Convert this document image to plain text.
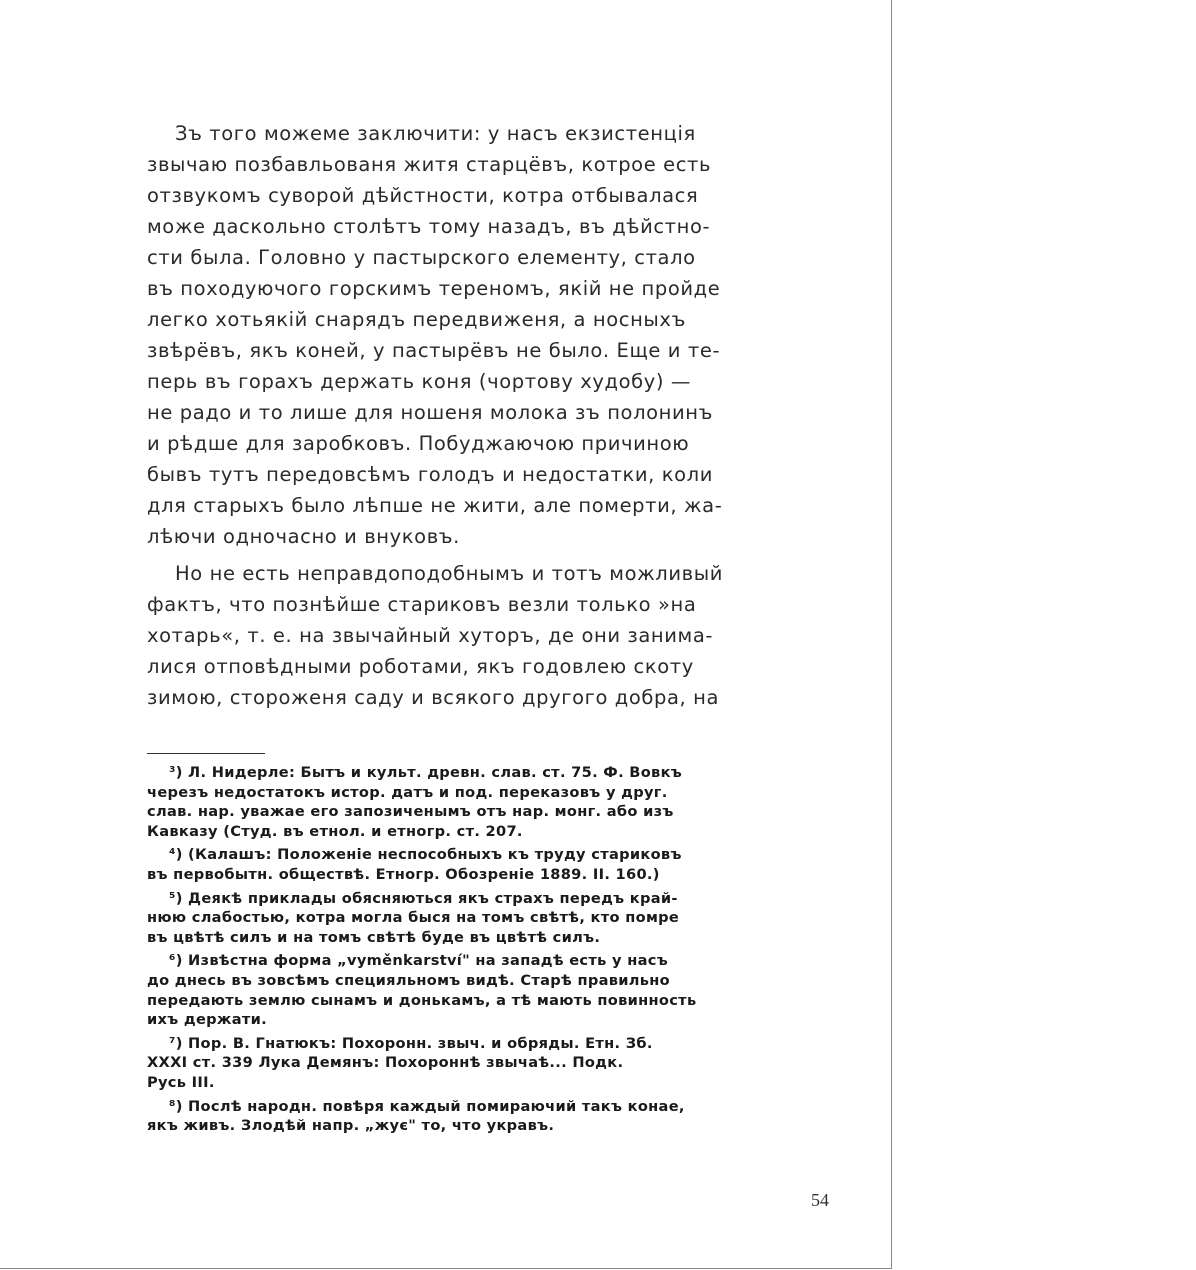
Зъ того можеме заключити: у насъ екзистенція
звычаю позбавльованя житя старцёвъ, котрое есть
отзвукомъ суворой дѣйстности, котра отбывалася
може даскольно столѣтъ тому назадъ, въ дѣйстно-
сти была. Головно у пастырского елементу, стало
въ походуючого горскимъ тереномъ, якій не пройде
легко хотьякій снарядъ передвиженя, а носныхъ
звѣрёвъ, якъ коней, у пастырёвъ не было. Еще и те-
перь въ горахъ держать коня (чортову худобу) —
не радо и то лише для ношеня молока зъ полонинъ
и рѣдше для заробковъ. Побуджаючою причиною
бывъ тутъ передовсѣмъ голодъ и недостатки, коли
для старыхъ было лѣпше не жити, але померти, жа-
лѣючи одночасно и внуковъ.
Но не есть неправдоподобнымъ и тотъ можливый
фактъ, что познѣйше стариковъ везли только »на
хотарь«, т. е. на звычайный хуторъ, де они занима-
лися отповѣдными роботами, якъ годовлею скоту
зимою, стороженя саду и всякого другого добра, на
³) Л. Нидерле: Бытъ и культ. древн. слав. ст. 75. Ф. Вовкъ
черезъ недостатокъ истор. датъ и под. переказовъ у друг.
слав. нар. уважае его запозиченымъ отъ нар. монг. або изъ
Кавказу (Студ. въ етнол. и етногр. ст. 207.
⁴) (Калашъ: Положеніе неспособныхъ къ труду стариковъ
въ первобытн. обществѣ. Етногр. Обозреніе 1889. II. 160.)
⁵) Деякѣ приклады обясняються якъ страхъ передъ край-
нюю слабостью, котра могла быся на томъ свѣтѣ, кто помре
въ цвѣтѣ силъ и на томъ свѣтѣ буде въ цвѣтѣ силъ.
⁶) Извѣстна форма „vyměnkarství" на западѣ есть у насъ
до днесь въ зовсѣмъ специяльномъ видѣ. Старѣ правильно
передають землю сынамъ и донькамъ, а тѣ мають повинность
ихъ держати.
⁷) Пор. В. Гнатюкъ: Похоронн. звыч. и обряды. Етн. Зб.
XXXI ст. 339 Лука Демянъ: Похороннѣ звычаѣ... Подк.
Русь III.
⁸) Послѣ народн. повѣря каждый помираючий такъ конае,
якъ живъ. Злодѣй напр. „жує" то, что укравъ.
54
